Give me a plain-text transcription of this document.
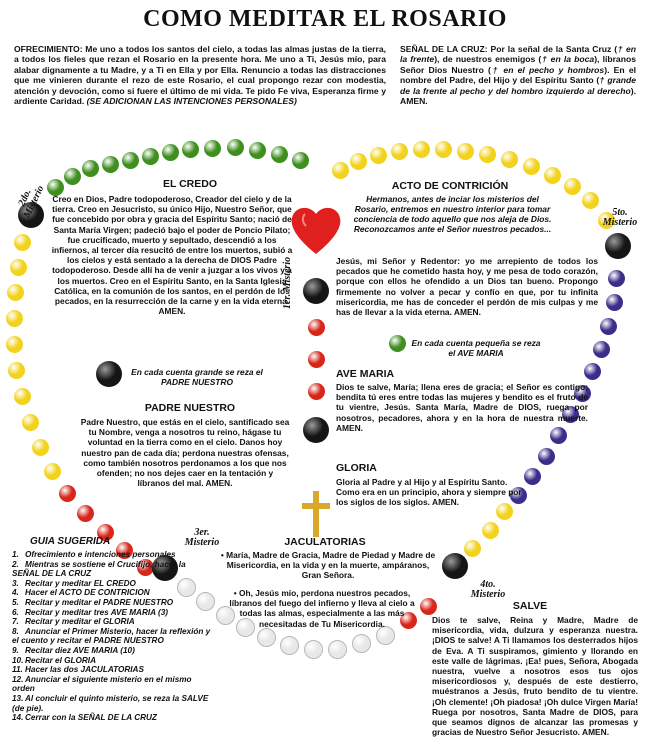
COMO MEDITAR EL ROSARIO
OFRECIMIENTO: Me uno a todos los santos del cielo, a todas las almas justas de la tierra, a todos los fieles que rezan el Rosario en la presente hora. Me uno a Ti, Jesús mío, para alabar dignamente a tu Madre, y a Ti en Ella y por Ella. Renuncio a todas las distracciones que me vinieren durante el rezo de este Rosario, el cual propongo rezar con modestia, atención y devoción, como si fuere el último de mi vida. Te pido Fe viva, Esperanza firme y ardiente Caridad. (SE ADICIONAN LAS INTENCIONES PERSONALES)
SEÑAL DE LA CRUZ: Por la señal de la Santa Cruz († en la frente), de nuestros enemigos († en la boca), líbranos Señor Dios Nuestro († en el pecho y hombros). En el nombre del Padre, del Hijo y del Espíritu Santo († grande de la frente al pecho y del hombro izquierdo al derecho). AMEN.
2do. Misterio
1er. Misterio
5to. Misterio
3er. Misterio
4to. Misterio
EL CREDO
Creo en Dios, Padre todopoderoso, Creador del cielo y de la tierra. Creo en Jesucristo, su único Hijo, Nuestro Señor, que fue concebido por obra y gracia del Espíritu Santo; nació de Santa María Virgen; padeció bajo el poder de Poncio Pilato; fue crucificado, muerto y sepultado, descendió a los infiernos, al tercer día resucitó de entre los muertos, subió a los cielos y está sentado a la derecha de DIOS Padre todopoderoso. Desde allí ha de venir a juzgar a los vivos y a los muertos. Creo en el Espíritu Santo, en la Santa Iglesia Católica, en la comunión de los santos, en el perdón de los pecados, en la resurrección de la carne y en la vida eterna. AMEN.
En cada cuenta grande se reza el PADRE NUESTRO
PADRE NUESTRO
Padre Nuestro, que estás en el cielo, santificado sea tu Nombre, venga a nosotros tu reino, hágase tu voluntad en la tierra como en el cielo. Danos hoy nuestro pan de cada día; perdona nuestras ofensas, como también nosotros perdonamos a los que nos ofenden; no nos dejes caer en la tentación y líbranos del mal. AMEN.
ACTO DE CONTRICIÓN
Hermanos, antes de inciar los misterios del Rosario, entremos en nuestro interior para tomar conciencia de todo aquello que nos aleja de Dios. Reconozcamos ante el Señor nuestros pecados...
Jesús, mi Señor y Redentor: yo me arrepiento de todos los pecados que he cometido hasta hoy, y me pesa de todo corazón, porque con ellos he ofendido a un Dios tan bueno. Propongo firmemente no volver a pecar y confío en que, por tu infinita misericordia, me has de conceder el perdón de mis culpas y me has de llevar a la vida eterna. AMEN.
En cada cuenta pequeña se reza el AVE MARIA
AVE MARIA
Dios te salve, María; llena eres de gracia; el Señor es contigo; bendita tú eres entre todas las mujeres y bendito es el fruto de tu vientre, Jesús. Santa María, Madre de DIOS, ruega por nosotros, pecadores, ahora y en la hora de nuestra muerte. AMEN.
GLORIA
Gloria al Padre y al Hijo y al Espíritu Santo. Como era en un principio, ahora y siempre por los siglos de los siglos. AMEN.
JACULATORIAS
• María, Madre de Gracia, Madre de Piedad y Madre de Misericordia, en la vida y en la muerte, ampáranos, Gran Señora.
• Oh, Jesús mío, perdona nuestros pecados, líbranos del fuego del infierno y lleva al cielo a todas las almas, especialmente a las más necesitadas de Tu Misericordia.
SALVE
Dios te salve, Reina y Madre, Madre de misericordia, vida, dulzura y esperanza nuestra. ¡DIOS te salve! A Ti llamamos los desterrados hijos de Eva. A Ti suspiramos, gimiento y llorando en este valle de lágrimas. ¡Ea! pues, Señora, Abogada nuestra, vuelve a nosotros esos tus ojos misericordiosos y, después de este destierro, muéstranos a Jesús, fruto bendito de tu vientre. ¡Oh clemente! ¡Oh piadosa! ¡Oh dulce Virgen María! Ruega por nosotros, Santa Madre de DIOS, para que seamos dignos de alcanzar las promesas y gracias de Nuestro Señor Jesucristo. AMEN.
GUIA SUGERIDA
1. Ofrecimiento e intenciones personales
2. Mientras se sostiene el Crucifijo, hacer la SEÑAL DE LA CRUZ
3. Recitar y meditar EL CREDO
4. Hacer el ACTO DE CONTRICION
5. Recitar y meditar el PADRE NUESTRO
6. Recitar y meditar tres AVE MARIA (3)
7. Recitar y meditar el GLORIA
8. Anunciar el Primer Misterio, hacer la reflexión y el cuento y recitar el PADRE NUESTRO
9. Recitar diez AVE MARIA (10)
10. Recitar el GLORIA
11. Hacer las dos JACULATORIAS
12. Anunciar el siguiente misterio en el mismo orden
13. Al concluir el quinto misterio, se reza la SALVE (de pie).
14. Cerrar con la SEÑAL DE LA CRUZ
